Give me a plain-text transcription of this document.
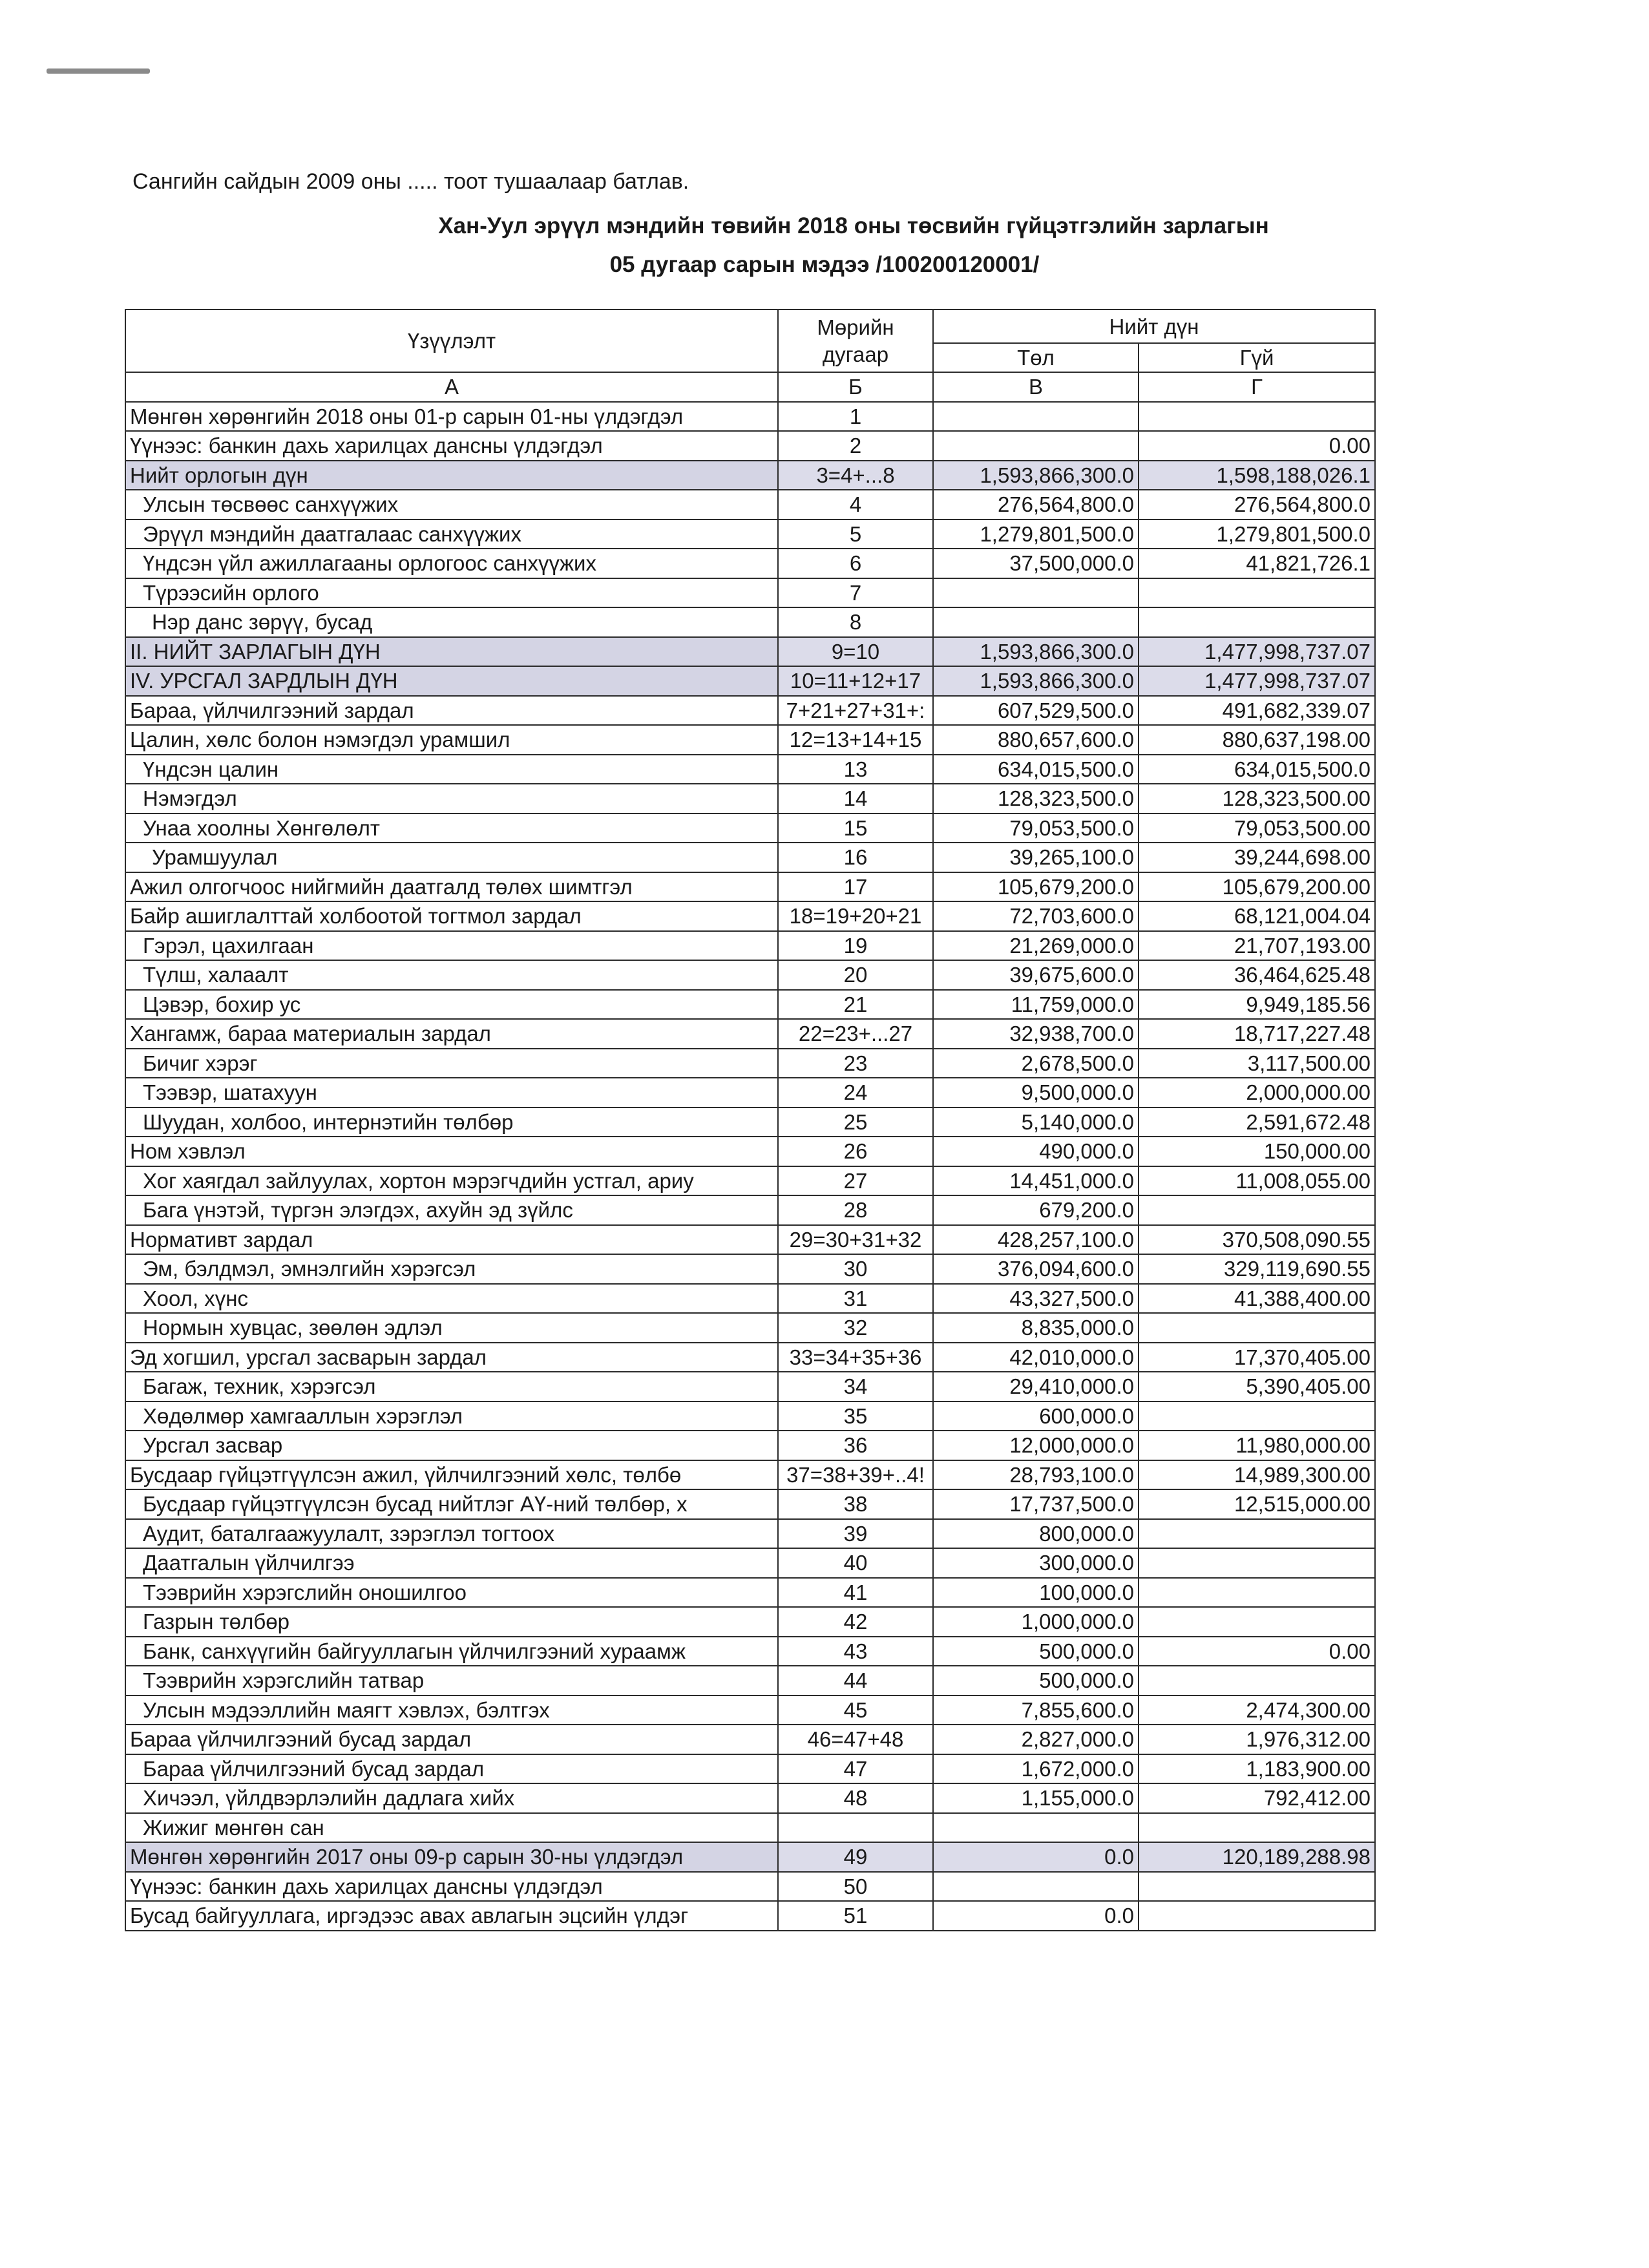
Сангийн сайдын 2009 оны ..... тоот тушаалаар батлав.
Хан-Уул эрүүл мэндийн төвийн 2018 оны төсвийн гүйцэтгэлийн зарлагын
05 дугаар сарын мэдээ /100200120001/
Үзүүлэлт	Мөрийн дугаар	Нийт дүн	
		Төл	Гүй
А	Б	В	Г
Мөнгөн хөрөнгийн 2018 оны 01-р сарын 01-ны үлдэгдэл	1		
Үүнээс: банкин дахь харилцах дансны үлдэгдэл	2		0.00
Нийт орлогын дүн	3=4+...8	1,593,866,300.0	1,598,188,026.1
Улсын төсвөөс санхүүжих	4	276,564,800.0	276,564,800.0
Эрүүл мэндийн даатгалаас санхүүжих	5	1,279,801,500.0	1,279,801,500.0
Үндсэн үйл ажиллагааны орлогоос санхүүжих	6	37,500,000.0	41,821,726.1
Түрээсийн орлого	7		
Нэр данс зөрүү, бусад	8		
II. НИЙТ ЗАРЛАГЫН ДҮН	9=10	1,593,866,300.0	1,477,998,737.07
IV. УРСГАЛ ЗАРДЛЫН ДҮН	10=11+12+17	1,593,866,300.0	1,477,998,737.07
Бараа, үйлчилгээний зардал	7+21+27+31+:	607,529,500.0	491,682,339.07
Цалин, хөлс болон нэмэгдэл урамшил	12=13+14+15	880,657,600.0	880,637,198.00
Үндсэн цалин	13	634,015,500.0	634,015,500.0
Нэмэгдэл	14	128,323,500.0	128,323,500.00
Унаа хоолны Хөнгөлөлт	15	79,053,500.0	79,053,500.00
Урамшуулал	16	39,265,100.0	39,244,698.00
Ажил олгогчоос нийгмийн даатгалд төлөх шимтгэл	17	105,679,200.0	105,679,200.00
Байр ашиглалттай холбоотой тогтмол зардал	18=19+20+21	72,703,600.0	68,121,004.04
Гэрэл, цахилгаан	19	21,269,000.0	21,707,193.00
Түлш, халаалт	20	39,675,600.0	36,464,625.48
Цэвэр, бохир ус	21	11,759,000.0	9,949,185.56
Хангамж, бараа материалын зардал	22=23+...27	32,938,700.0	18,717,227.48
Бичиг хэрэг	23	2,678,500.0	3,117,500.00
Тээвэр, шатахуун	24	9,500,000.0	2,000,000.00
Шуудан, холбоо, интернэтийн төлбөр	25	5,140,000.0	2,591,672.48
Ном хэвлэл	26	490,000.0	150,000.00
Хог хаягдал зайлуулах, хортон мэрэгчдийн устгал, ариу	27	14,451,000.0	11,008,055.00
Бага үнэтэй, түргэн элэгдэх, ахуйн эд зүйлс	28	679,200.0	
Нормативт зардал	29=30+31+32	428,257,100.0	370,508,090.55
Эм, бэлдмэл, эмнэлгийн хэрэгсэл	30	376,094,600.0	329,119,690.55
Хоол, хүнс	31	43,327,500.0	41,388,400.00
Нормын хувцас, зөөлөн эдлэл	32	8,835,000.0	
Эд хогшил, урсгал засварын зардал	33=34+35+36	42,010,000.0	17,370,405.00
Багаж, техник, хэрэгсэл	34	29,410,000.0	5,390,405.00
Хөдөлмөр хамгааллын хэрэглэл	35	600,000.0	
Урсгал засвар	36	12,000,000.0	11,980,000.00
Бусдаар гүйцэтгүүлсэн ажил, үйлчилгээний хөлс, төлбө	37=38+39+..4!	28,793,100.0	14,989,300.00
Бусдаар гүйцэтгүүлсэн бусад нийтлэг АҮ-ний төлбөр, х	38	17,737,500.0	12,515,000.00
Аудит, баталгаажуулалт, зэрэглэл тогтоох	39	800,000.0	
Даатгалын үйлчилгээ	40	300,000.0	
Тээврийн хэрэгслийн оношилгоо	41	100,000.0	
Газрын төлбөр	42	1,000,000.0	
Банк, санхүүгийн байгууллагын үйлчилгээний хураамж	43	500,000.0	0.00
Тээврийн хэрэгслийн татвар	44	500,000.0	
Улсын мэдээллийн маягт хэвлэх, бэлтгэх	45	7,855,600.0	2,474,300.00
Бараа үйлчилгээний бусад зардал	46=47+48	2,827,000.0	1,976,312.00
Бараа үйлчилгээний бусад зардал	47	1,672,000.0	1,183,900.00
Хичээл, үйлдвэрлэлийн дадлага хийх	48	1,155,000.0	792,412.00
Жижиг мөнгөн сан			
Мөнгөн хөрөнгийн 2017 оны 09-р сарын 30-ны үлдэгдэл	49	0.0	120,189,288.98
Үүнээс: банкин дахь харилцах дансны үлдэгдэл	50		
Бусад байгууллага, иргэдээс авах авлагын эцсийн үлдэг	51	0.0	
